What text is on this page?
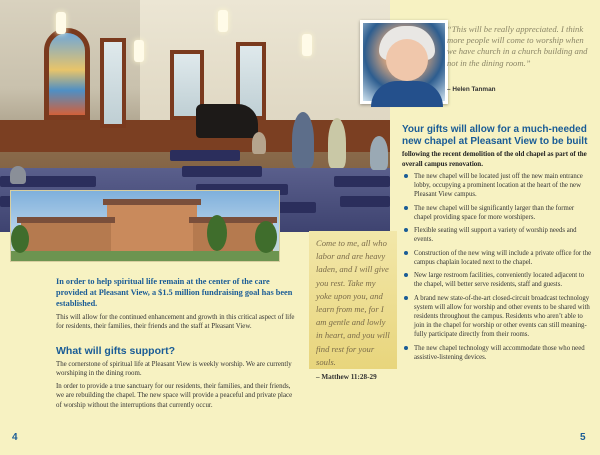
“This will be really appreciated. I think more people will come to worship when we have church in a church building and not in the dining room.”

– Helen Tanman

Your gifts will allow for a much-needed new chapel at Pleasant View to be built

following the recent demolition of the old chapel as part of the overall campus renovation.

The new chapel will be located just off the new main entrance lobby, occupying a prominent location at the heart of the new Pleasant View campus.
The new chapel will be significantly larger than the former chapel providing space for more worshipers.
Flexible seating will support a variety of worship needs and events.
Construction of the new wing will include a private office for the campus chaplain located next to the chapel.
New large restroom facilities, conveniently located adjacent to the chapel, will better serve residents, staff and guests.
A brand new state-of-the-art closed-circuit broadcast technology system will allow for worship and other events to be shared with residents throughout the campus. Residents who aren’t able to join in the chapel for worship or other events can still meaning-fully participate directly from their rooms.
The new chapel technology will accommodate those who need assistive-listening devices.

Come to me, all who labor and are heavy laden, and I will give you rest. Take my yoke upon you, and learn from me, for I am gentle and lowly in heart, and you will find rest for your souls.

– Matthew 11:28-29

In order to help spiritual life remain at the center of the care provided at Pleasant View, a $1.5 million fundraising goal has been established.

This will allow for the continued enhancement and growth in this critical aspect of life for residents, their families, their friends and the staff at Pleasant View.

What will gifts support?

The cornerstone of spiritual life at Pleasant View is weekly worship. We are currently worshiping in the dining room.

In order to provide a true sanctuary for our residents, their families, and their friends, we are rebuilding the chapel. The new space will provide a peaceful and private place of worship without the interruptions that currently occur.

4	5
